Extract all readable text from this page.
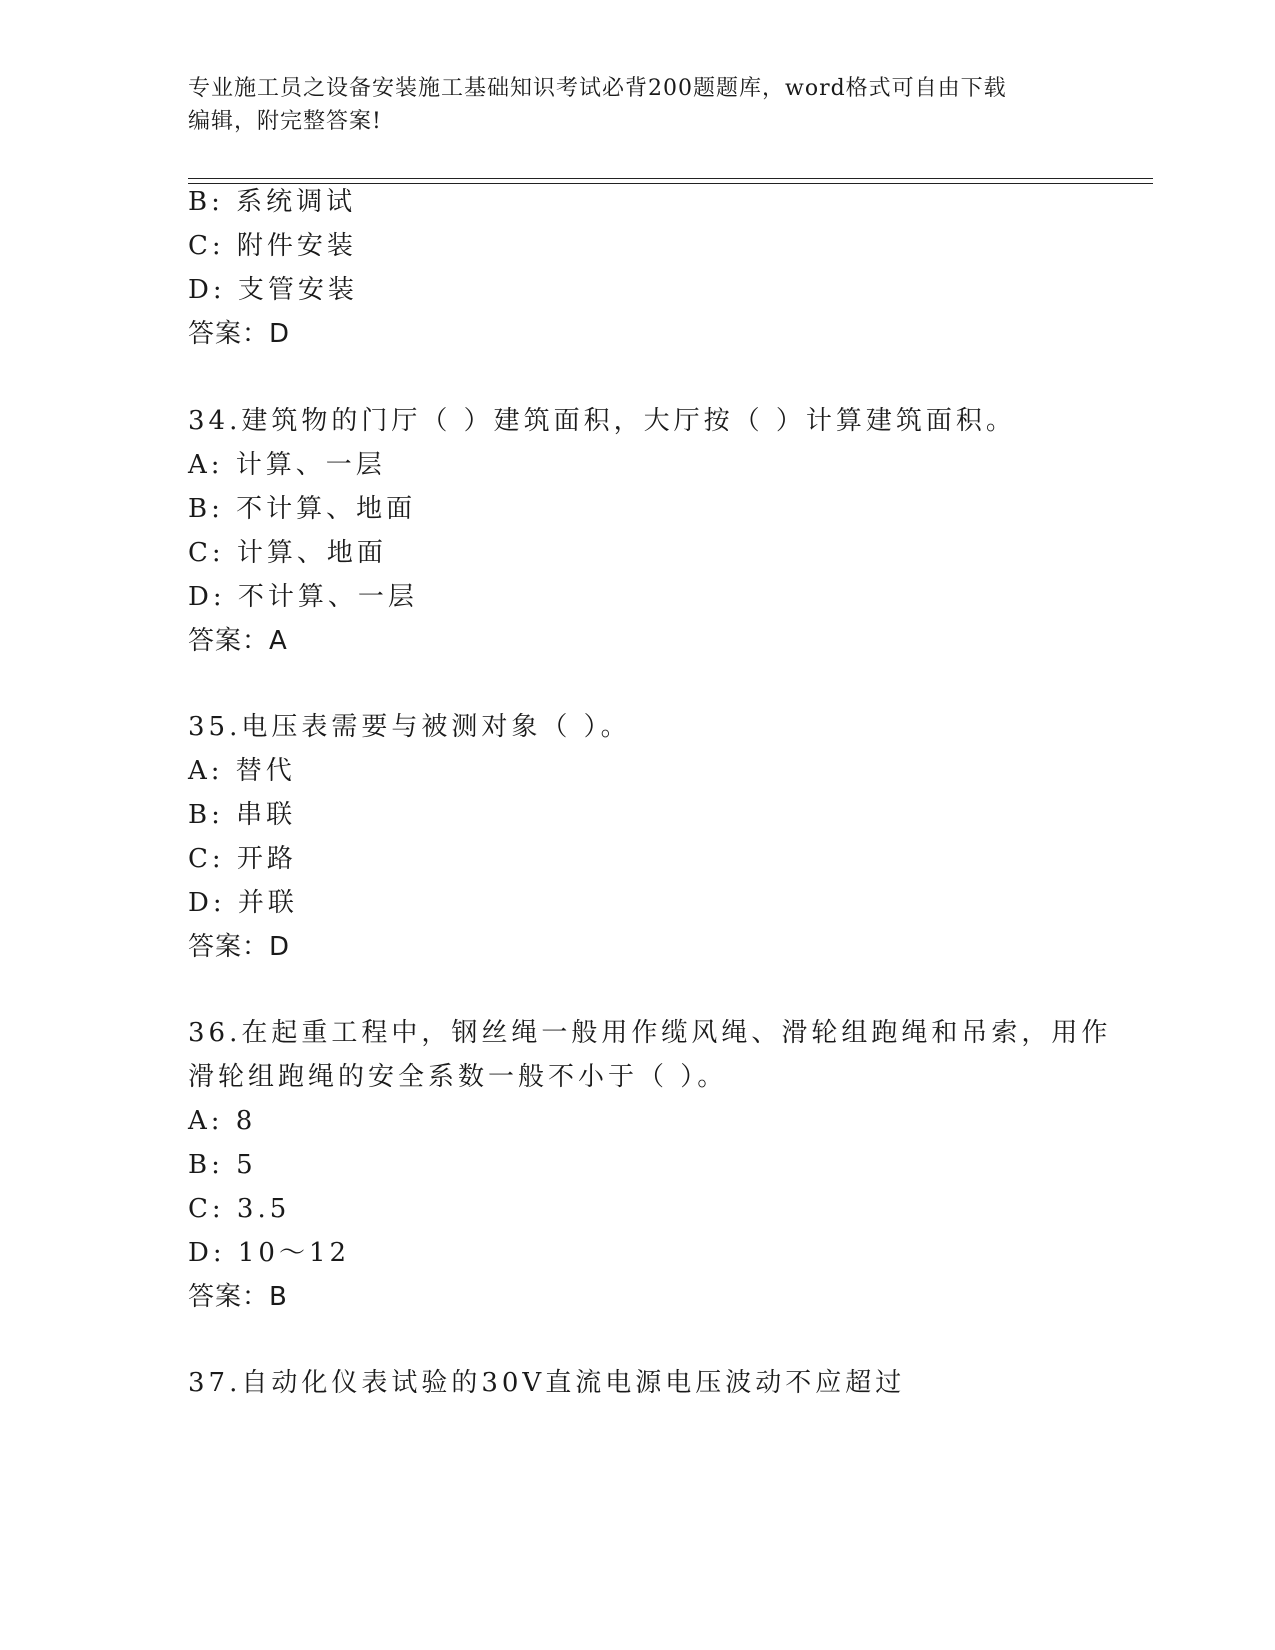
专业施工员之设备安装施工基础知识考试必背200题题库，word格式可自由下载
编辑，附完整答案!
B: 系统调试
C: 附件安装
D: 支管安装
答案：D
34.建筑物的门厅（ ）建筑面积，大厅按（ ）计算建筑面积。
A: 计算、一层
B: 不计算、地面
C: 计算、地面
D: 不计算、一层
答案：A
35.电压表需要与被测对象（ ）。
A: 替代
B: 串联
C: 开路
D: 并联
答案：D
36.在起重工程中，钢丝绳一般用作缆风绳、滑轮组跑绳和吊索，用作
滑轮组跑绳的安全系数一般不小于（ ）。
A: 8
B: 5
C: 3.5
D: 10～12
答案：B
37.自动化仪表试验的30V直流电源电压波动不应超过
